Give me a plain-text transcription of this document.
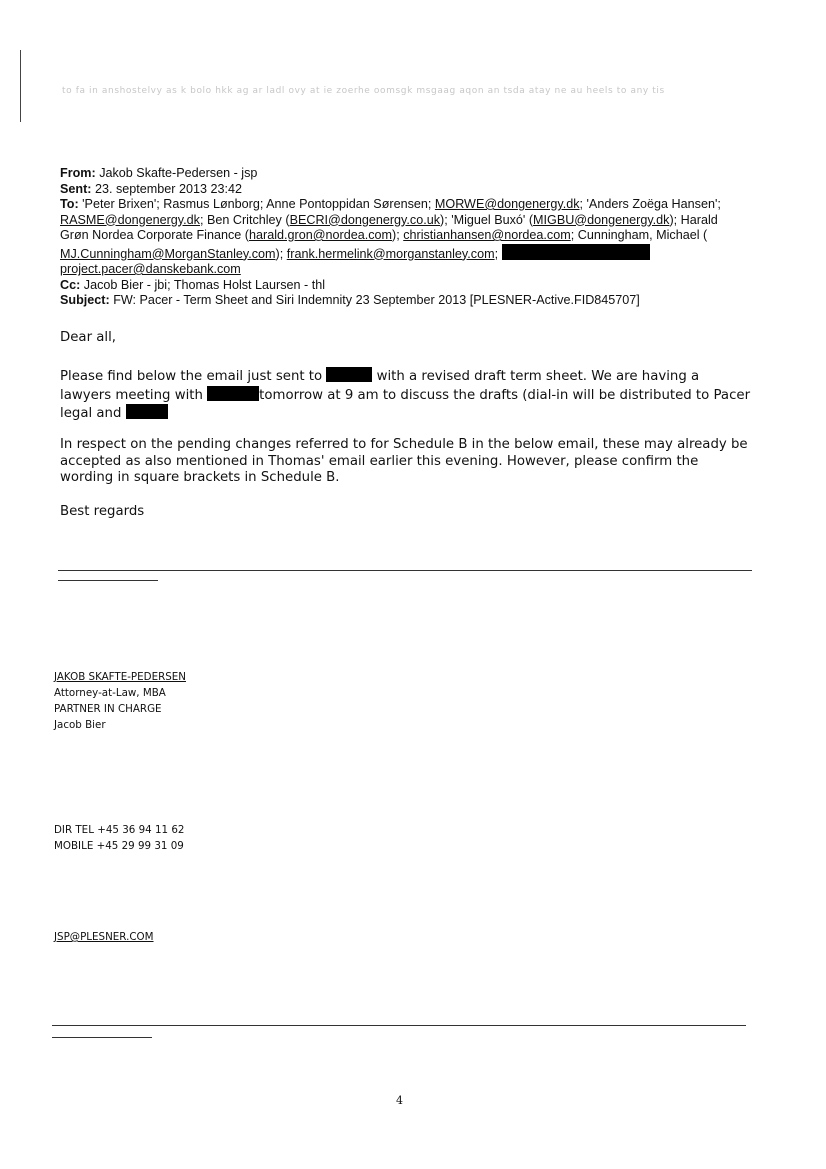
to fa in anshostelvy as k bolo hkk ag ar ladl ovy at ie zoerhe oomsgk msgaag aqon an tsda atay ne au heels to any tis

From: Jakob Skafte-Pedersen - jsp

Sent: 23. september 2013 23:42

To: 'Peter Brixen'; Rasmus Lønborg; Anne Pontoppidan Sørensen; MORWE@dongenergy.dk; 'Anders Zoëga Hansen';
RASME@dongenergy.dk; Ben Critchley (BECRI@dongenergy.co.uk); 'Miguel Buxó' (MIGBU@dongenergy.dk); Harald
Grøn Nordea Corporate Finance (harald.gron@nordea.com); christianhansen@nordea.com; Cunningham, Michael (
MJ.Cunningham@MorganStanley.com); frank.hermelink@morganstanley.com;
project.pacer@danskebank.com

Cc: Jacob Bier - jbi; Thomas Holst Laursen - thl

Subject: FW: Pacer - Term Sheet and Siri Indemnity 23 September 2013 [PLESNER-Active.FID845707]

Dear all,

Please find below the email just sent to	with a revised draft term sheet. We are having a

lawyers meeting with	tomorrow at 9 am to discuss the drafts (dial-in will be distributed to Pacer

legal and

In respect on the pending changes referred to for Schedule B in the below email, these may already be

accepted as also mentioned in Thomas' email earlier this evening. However, please confirm the

wording in square brackets in Schedule B.

Best regards

JAKOB SKAFTE-PEDERSEN

Attorney-at-Law, MBA

PARTNER IN CHARGE

Jacob Bier

DIR TEL +45 36 94 11 62

MOBILE +45 29 99 31 09

JSP@PLESNER.COM

4
